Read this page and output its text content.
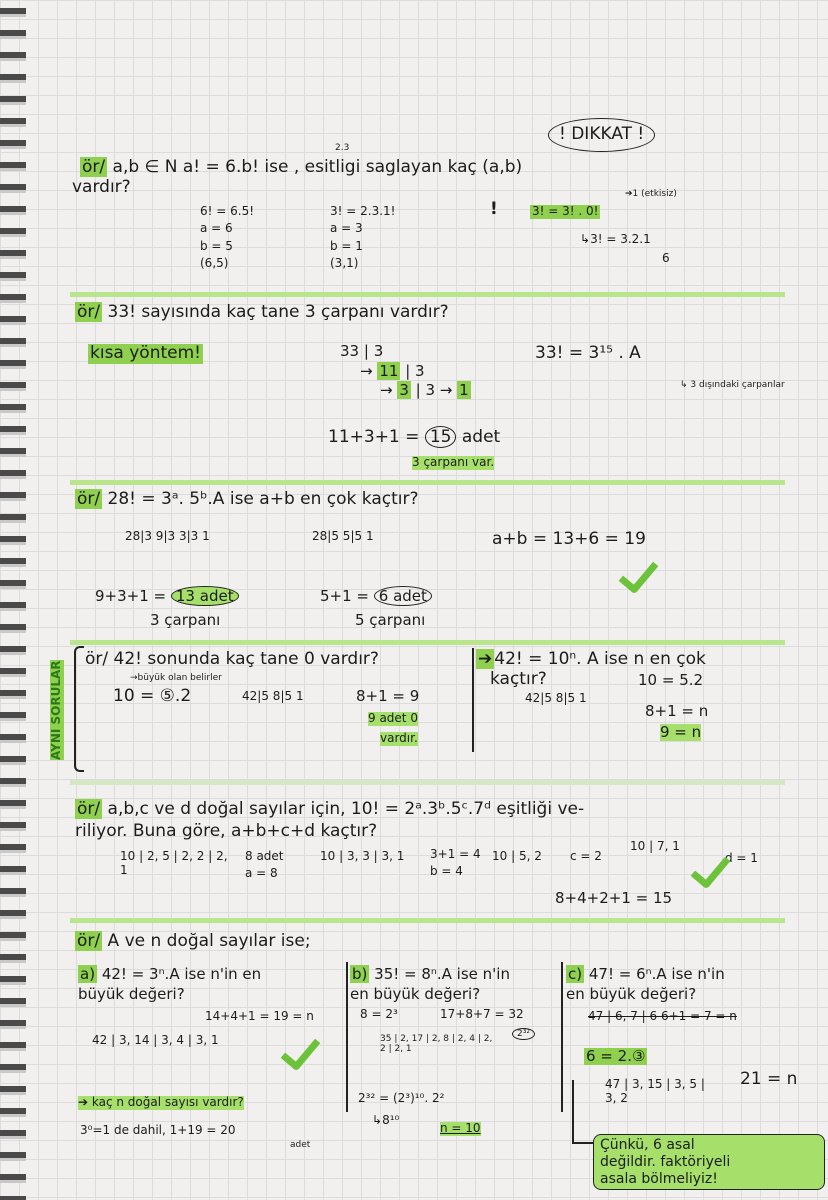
! DIKKAT !
2.3
ör/ a,b ∈ N a! = 6.b! ise , esitligi saglayan kaç (a,b)
vardır?
6! = 6.5!
a = 6
b = 5
(6,5)
3! = 2.3.1!
a = 3
b = 1
(3,1)
!	3! = 3! . 0!
➔1 (etkisiz)
↳3! = 3.2.1
6
ör/ 33! sayısında kaç tane 3 çarpanı vardır?
kısa yöntem!	33 | 3
→ 11 | 3
→ 3 | 3 → 1
33! = 3¹⁵ . A
↳ 3 dışındaki çarpanlar
11+3+1 = 15 adet
3 çarpanı var.
ör/ 28! = 3ᵃ. 5ᵇ.A ise a+b en çok kaçtır?
28|3 9|3 3|3 1
9+3+1 = 13 adet
3 çarpanı
28|5 5|5 1
5+1 = 6 adet
5 çarpanı
a+b = 13+6 = 19
AYNI SORULAR
ör/ 42! sonunda kaç tane 0 vardır?
→büyük olan belirler
10 = ⑤.2	42|5 8|5 1	8+1 = 9
9 adet 0
vardır.
➔ 42! = 10ⁿ. A ise n en çok
kaçtır?	10 = 5.2
42|5 8|5 1
8+1 = n
9 = n
ör/ a,b,c ve d doğal sayılar için, 10! = 2ᵃ.3ᵇ.5ᶜ.7ᵈ eşitliği ve-
riliyor. Buna göre, a+b+c+d kaçtır?
10 | 2, 5 | 2, 2 | 2, 1
8 adet
a = 8
10 | 3, 3 | 3, 1	3+1 = 4
b = 4
10 | 5, 2 c = 2
10 | 7, 1
d = 1
8+4+2+1 = 15
ör/ A ve n doğal sayılar ise;
a) 42! = 3ⁿ.A ise n'in en
büyük değeri?
14+4+1 = 19 = n
42 | 3, 14 | 3, 4 | 3, 1
➔ kaç n doğal sayısı vardır?
3⁰=1 de dahil, 1+19 = 20
adet
b) 35! = 8ⁿ.A ise n'in
en büyük değeri?
8 = 2³	17+8+7 = 32
2³²
35 | 2, 17 | 2, 8 | 2, 4 | 2, 2 | 2, 1
2³² = (2³)¹⁰. 2²
↳8¹⁰
n = 10
c) 47! = 6ⁿ.A ise n'in
en büyük değeri?
47 | 6, 7 | 6 6+1 = 7 = n
6 = 2.③
47 | 3, 15 | 3, 5 | 3, 2
21 = n
Çünkü, 6 asal
değildir. faktöriyeli
asala bölmeliyiz!
